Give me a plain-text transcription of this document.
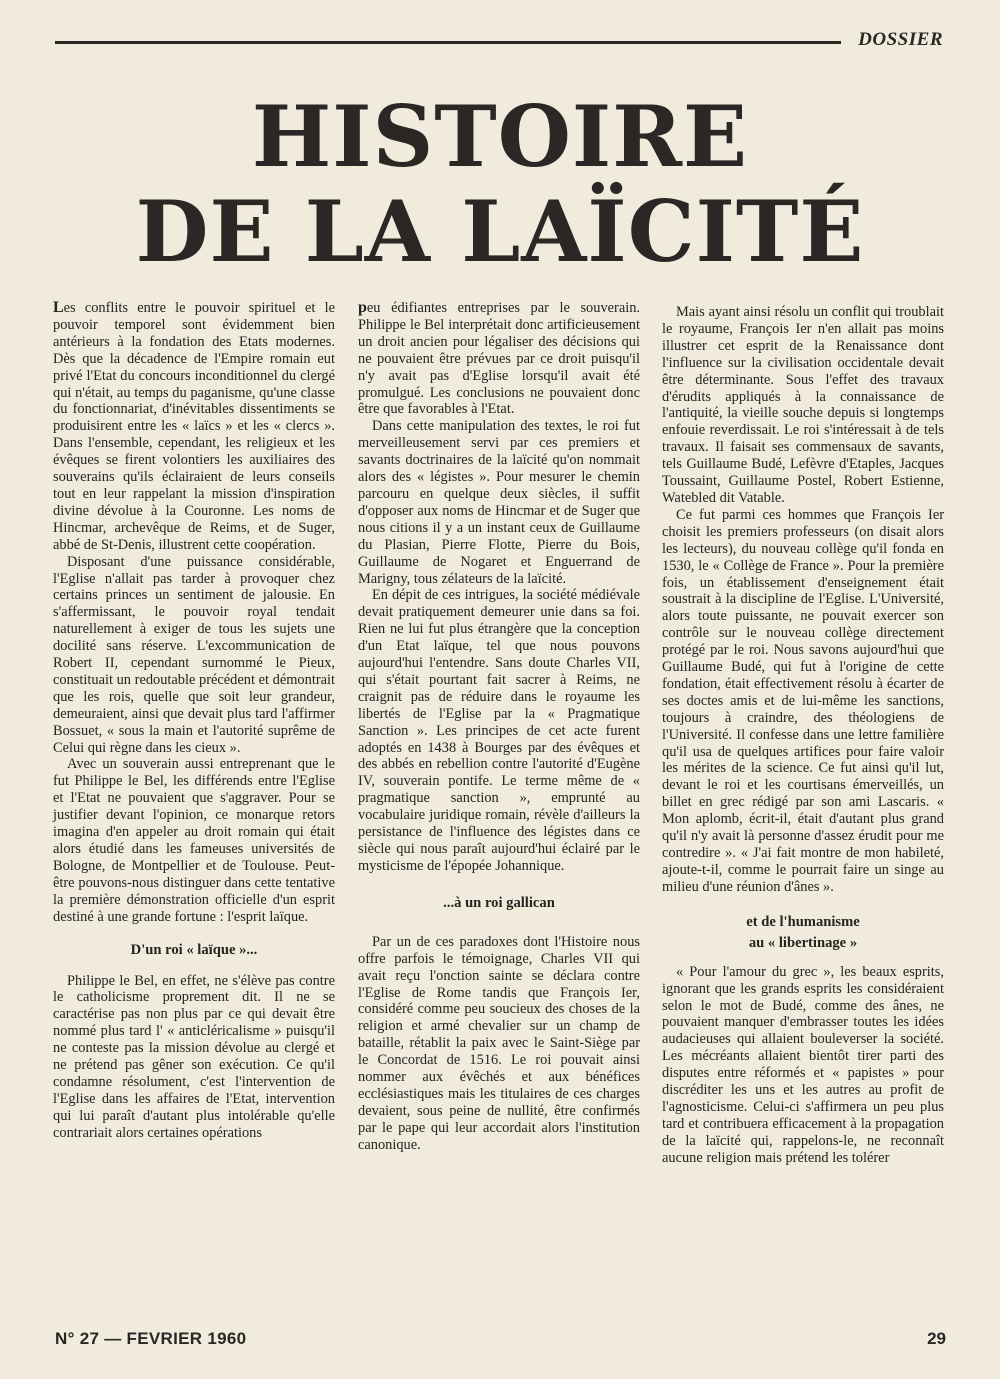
DOSSIER
HISTOIRE
DE LA LAÏCITÉ

Les conflits entre le pouvoir spirituel et le pouvoir temporel sont évidemment bien antérieurs à la fondation des Etats modernes. Dès que la décadence de l'Empire romain eut privé l'Etat du concours inconditionnel du clergé qui n'était, au temps du paganisme, qu'une classe du fonctionnariat, d'inévitables dissentiments se produisirent entre les « laïcs » et les « clercs ». Dans l'ensemble, cependant, les religieux et les évêques se firent volontiers les auxiliaires des souverains qu'ils éclairaient de leurs conseils tout en leur rappelant la mission d'inspiration divine dévolue à la Couronne. Les noms de Hincmar, archevêque de Reims, et de Suger, abbé de St-Denis, illustrent cette coopération.

Disposant d'une puissance considérable, l'Eglise n'allait pas tarder à provoquer chez certains princes un sentiment de jalousie. En s'affermissant, le pouvoir royal tendait naturellement à exiger de tous les sujets une docilité sans réserve. L'excommunication de Robert II, cependant surnommé le Pieux, constituait un redoutable précédent et démontrait que les rois, quelle que soit leur grandeur, demeuraient, ainsi que devait plus tard l'affirmer Bossuet, « sous la main et l'autorité suprême de Celui qui règne dans les cieux ».

Avec un souverain aussi entreprenant que le fut Philippe le Bel, les différends entre l'Eglise et l'Etat ne pouvaient que s'aggraver. Pour se justifier devant l'opinion, ce monarque retors imagina d'en appeler au droit romain qui était alors étudié dans les fameuses universités de Bologne, de Montpellier et de Toulouse. Peut-être pouvons-nous distinguer dans cette tentative la première démonstration officielle d'un esprit destiné à une grande fortune : l'esprit laïque.

D'un roi « laïque »...

Philippe le Bel, en effet, ne s'élève pas contre le catholicisme proprement dit. Il ne se caractérise pas non plus par ce qui devait être nommé plus tard l' « anticléricalisme » puisqu'il ne conteste pas la mission dévolue au clergé et ne prétend pas gêner son exécution. Ce qu'il condamne résolument, c'est l'intervention de l'Eglise dans les affaires de l'Etat, intervention qui lui paraît d'autant plus intolérable qu'elle contrariait alors certaines opérations

peu édifiantes entreprises par le souverain. Philippe le Bel interprétait donc artificieusement un droit ancien pour légaliser des décisions qui ne pouvaient être prévues par ce droit puisqu'il n'y avait pas d'Eglise lorsqu'il avait été promulgué. Les conclusions ne pouvaient donc être que favorables à l'Etat.

Dans cette manipulation des textes, le roi fut merveilleusement servi par ces premiers et savants doctrinaires de la laïcité qu'on nommait alors des « légistes ». Pour mesurer le chemin parcouru en quelque deux siècles, il suffit d'opposer aux noms de Hincmar et de Suger que nous citions il y a un instant ceux de Guillaume du Plasian, Pierre Flotte, Pierre du Bois, Guillaume de Nogaret et Enguerrand de Marigny, tous zélateurs de la laïcité.

En dépit de ces intrigues, la société médiévale devait pratiquement demeurer unie dans sa foi. Rien ne lui fut plus étrangère que la conception d'un Etat laïque, tel que nous pouvons aujourd'hui l'entendre. Sans doute Charles VII, qui s'était pourtant fait sacrer à Reims, ne craignit pas de réduire dans le royaume les libertés de l'Eglise par la « Pragmatique Sanction ». Les principes de cet acte furent adoptés en 1438 à Bourges par des évêques et des abbés en rebellion contre l'autorité d'Eugène IV, souverain pontife. Le terme même de « pragmatique sanction », emprunté au vocabulaire juridique romain, révèle d'ailleurs la persistance de l'influence des légistes dans ce siècle qui nous paraît aujourd'hui éclairé par le mysticisme de l'épopée Johannique.

...à un roi gallican

Par un de ces paradoxes dont l'Histoire nous offre parfois le témoignage, Charles VII qui avait reçu l'onction sainte se déclara contre l'Eglise de Rome tandis que François Ier, considéré comme peu soucieux des choses de la religion et armé chevalier sur un champ de bataille, rétablit la paix avec le Saint-Siège par le Concordat de 1516. Le roi pouvait ainsi nommer aux évêchés et aux bénéfices ecclésiastiques mais les titulaires de ces charges devaient, sous peine de nullité, être confirmés par le pape qui leur accordait alors l'institution canonique.

Mais ayant ainsi résolu un conflit qui troublait le royaume, François Ier n'en allait pas moins illustrer cet esprit de la Renaissance dont l'influence sur la civilisation occidentale devait être déterminante. Sous l'effet des travaux d'érudits appliqués à la connaissance de l'antiquité, la vieille souche depuis si longtemps enfouie reverdissait. Le roi s'intéressait à de tels travaux. Il faisait ses commensaux de savants, tels Guillaume Budé, Lefèvre d'Etaples, Jacques Toussaint, Guillaume Postel, Robert Estienne, Watebled dit Vatable.

Ce fut parmi ces hommes que François Ier choisit les premiers professeurs (on disait alors les lecteurs), du nouveau collège qu'il fonda en 1530, le « Collège de France ». Pour la première fois, un établissement d'enseignement était soustrait à la discipline de l'Eglise. L'Université, alors toute puissante, ne pouvait exercer son contrôle sur le nouveau collège directement protégé par le roi. Nous savons aujourd'hui que Guillaume Budé, qui fut à l'origine de cette fondation, était effectivement résolu à écarter de ses doctes amis et de lui-même les sanctions, toujours à craindre, des théologiens de l'Université. Il confesse dans une lettre familière qu'il usa de quelques artifices pour faire valoir les mérites de la science. Ce fut ainsi qu'il lut, devant le roi et les courtisans émerveillés, un billet en grec rédigé par son ami Lascaris. « Mon aplomb, écrit-il, était d'autant plus grand qu'il n'y avait là personne d'assez érudit pour me contredire ». « J'ai fait montre de mon habileté, ajoute-t-il, comme le pourrait faire un singe au milieu d'une réunion d'ânes ».

et de l'humanisme
au « libertinage »

« Pour l'amour du grec », les beaux esprits, ignorant que les grands esprits les considéraient selon le mot de Budé, comme des ânes, ne pouvaient manquer d'embrasser toutes les idées audacieuses qui allaient bouleverser la société. Les mécréants allaient bientôt tirer parti des disputes entre réformés et « papistes » pour discréditer les uns et les autres au profit de l'agnosticisme. Celui-ci s'affirmera un peu plus tard et contribuera efficacement à la propagation de la laïcité qui, rappelons-le, ne reconnaît aucune religion mais prétend les tolérer

N° 27 — FEVRIER 1960	29
